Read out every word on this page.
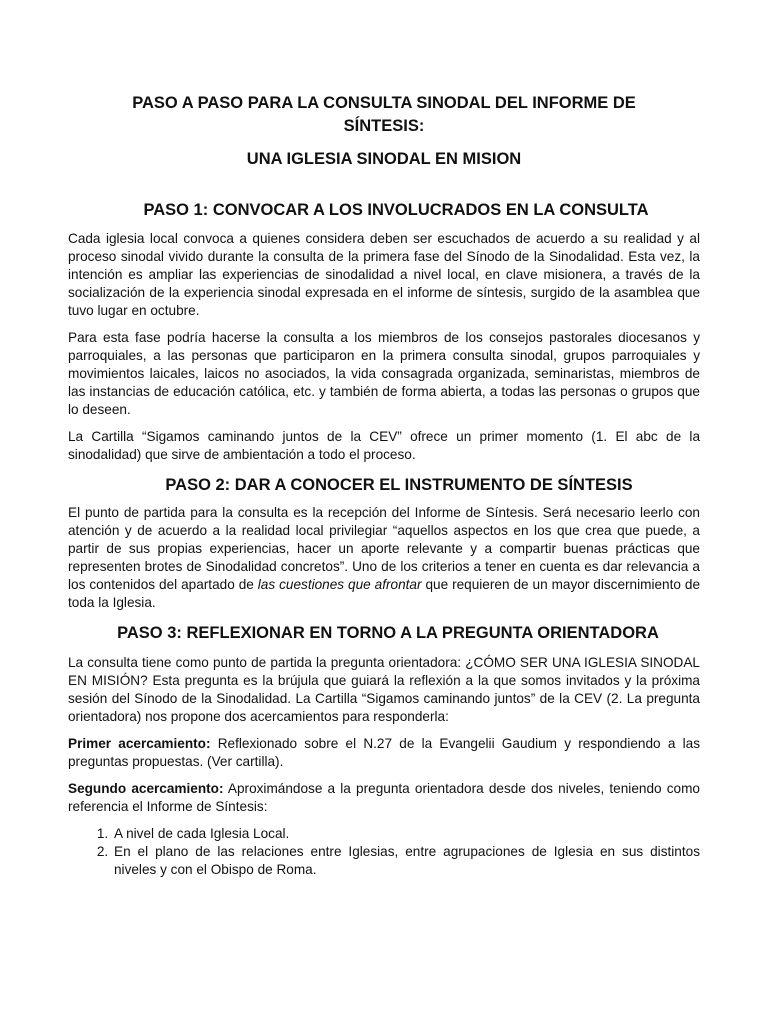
PASO A PASO PARA LA CONSULTA SINODAL DEL INFORME DE SÍNTESIS:
UNA IGLESIA SINODAL EN MISION
PASO 1: CONVOCAR A LOS INVOLUCRADOS EN LA CONSULTA

Cada iglesia local convoca a quienes considera deben ser escuchados de acuerdo a su realidad y al proceso sinodal vivido durante la consulta de la primera fase del Sínodo de la Sinodalidad. Esta vez, la intención es ampliar las experiencias de sinodalidad a nivel local, en clave misionera, a través de la socialización de la experiencia sinodal expresada en el informe de síntesis, surgido de la asamblea que tuvo lugar en octubre.

Para esta fase podría hacerse la consulta a los miembros de los consejos pastorales diocesanos y parroquiales, a las personas que participaron en la primera consulta sinodal, grupos parroquiales y movimientos laicales, laicos no asociados, la vida consagrada organizada, seminaristas, miembros de las instancias de educación católica, etc. y también de forma abierta, a todas las personas o grupos que lo deseen.

La Cartilla “Sigamos caminando juntos de la CEV” ofrece un primer momento (1. El abc de la sinodalidad) que sirve de ambientación a todo el proceso.

PASO 2: DAR A CONOCER EL INSTRUMENTO DE SÍNTESIS

El punto de partida para la consulta es la recepción del Informe de Síntesis. Será necesario leerlo con atención y de acuerdo a la realidad local privilegiar “aquellos aspectos en los que crea que puede, a partir de sus propias experiencias, hacer un aporte relevante y a compartir buenas prácticas que representen brotes de Sinodalidad concretos”. Uno de los criterios a tener en cuenta es dar relevancia a los contenidos del apartado de las cuestiones que afrontar que requieren de un mayor discernimiento de toda la Iglesia.

PASO 3: REFLEXIONAR EN TORNO A LA PREGUNTA ORIENTADORA

La consulta tiene como punto de partida la pregunta orientadora: ¿CÓMO SER UNA IGLESIA SINODAL EN MISIÓN? Esta pregunta es la brújula que guiará la reflexión a la que somos invitados y la próxima sesión del Sínodo de la Sinodalidad. La Cartilla “Sigamos caminando juntos” de la CEV (2. La pregunta orientadora) nos propone dos acercamientos para responderla:

Primer acercamiento: Reflexionado sobre el N.27 de la Evangelii Gaudium y respondiendo a las preguntas propuestas. (Ver cartilla).

Segundo acercamiento: Aproximándose a la pregunta orientadora desde dos niveles, teniendo como referencia el Informe de Síntesis:

1. A nivel de cada Iglesia Local.
2. En el plano de las relaciones entre Iglesias, entre agrupaciones de Iglesia en sus distintos niveles y con el Obispo de Roma.
